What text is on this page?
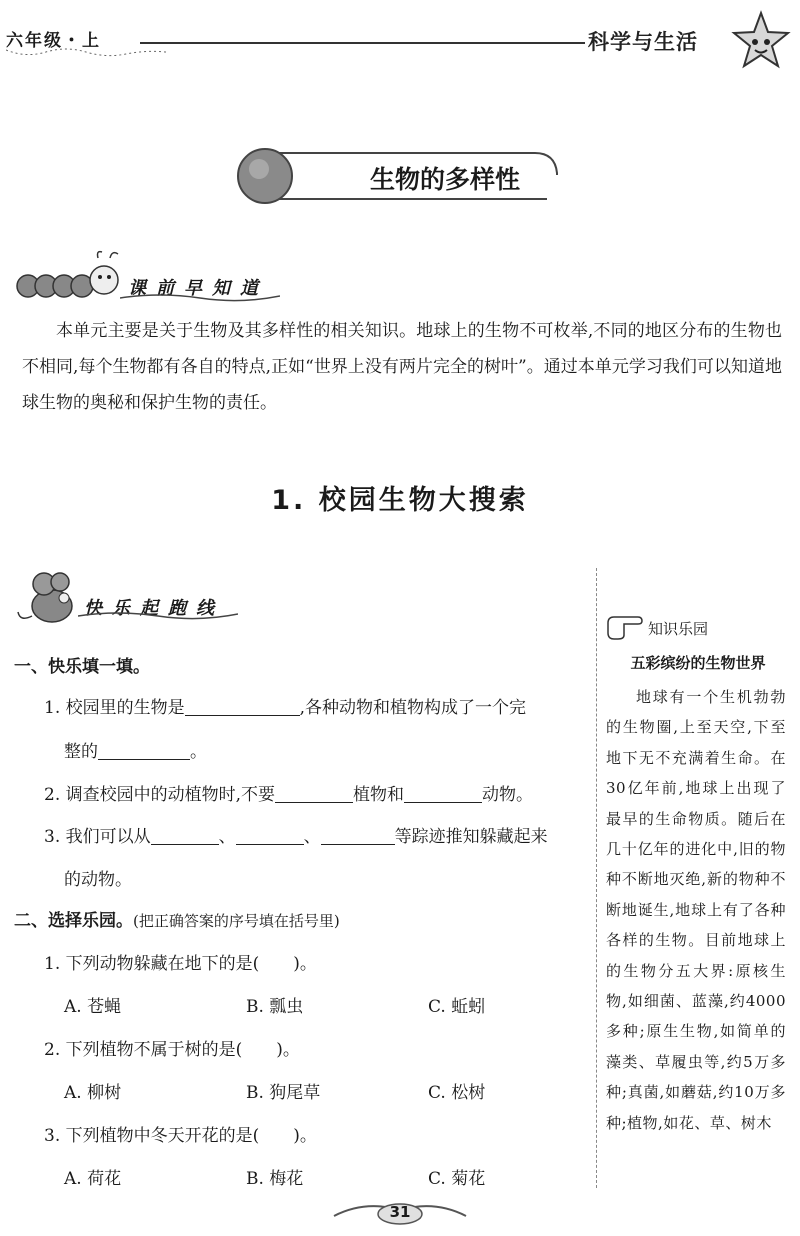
六年级・上	科学与生活
生物的多样性
课前早知道
本单元主要是关于生物及其多样性的相关知识。地球上的生物不可枚举,不同的地区分布的生物也不相同,每个生物都有各自的特点,正如“世界上没有两片完全的树叶”。通过本单元学习我们可以知道地球生物的奥秘和保护生物的责任。
1. 校园生物大搜索
快乐起跑线
一、快乐填一填。
1. 校园里的生物是	,各种动物和植物构成了一个完
整的	。
2. 调查校园中的动植物时,不要	植物和	动物。
3. 我们可以从	、	、	等踪迹推知躲藏起来
的动物。
二、选择乐园。(把正确答案的序号填在括号里)
1. 下列动物躲藏在地下的是(　　)。
A. 苍蝇	B. 瓢虫	C. 蚯蚓
2. 下列植物不属于树的是(　　)。
A. 柳树	B. 狗尾草	C. 松树
3. 下列植物中冬天开花的是(　　)。
A. 荷花	B. 梅花	C. 菊花
知识乐园
五彩缤纷的生物世界
地球有一个生机勃勃的生物圈,上至天空,下至地下无不充满着生命。在30亿年前,地球上出现了最早的生命物质。随后在几十亿年的进化中,旧的物种不断地灭绝,新的物种不断地诞生,地球上有了各种各样的生物。目前地球上的生物分五大界:原核生物,如细菌、蓝藻,约4000多种;原生生物,如简单的藻类、草履虫等,约5万多种;真菌,如蘑菇,约10万多种;植物,如花、草、树木
31
